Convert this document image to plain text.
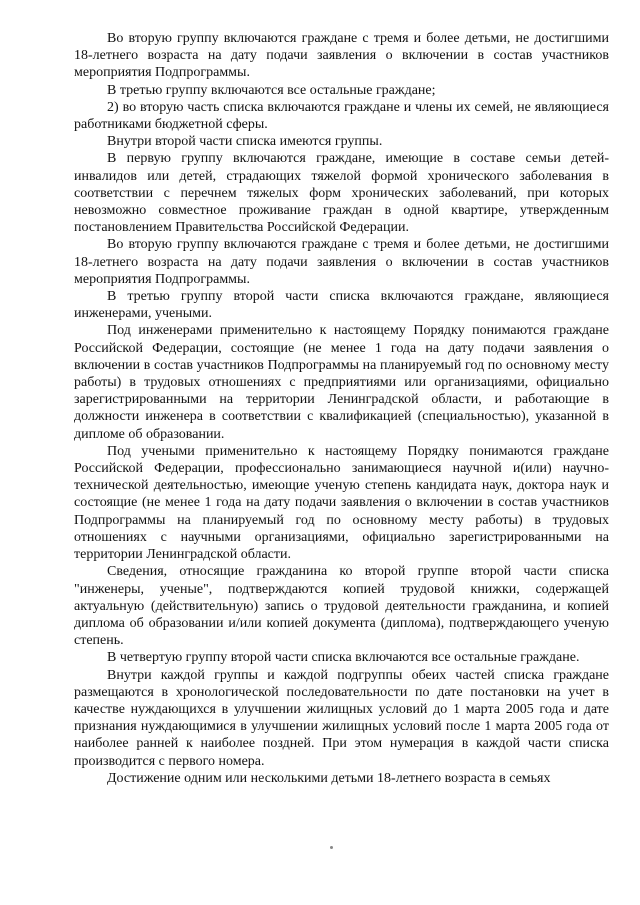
Во вторую группу включаются граждане с тремя и более детьми, не достигшими 18-летнего возраста на дату подачи заявления о включении в состав участников мероприятия Подпрограммы.

В третью группу включаются все остальные граждане;

2) во вторую часть списка включаются граждане и члены их семей, не являющиеся работниками бюджетной сферы.

Внутри второй части списка имеются группы.

В первую группу включаются граждане, имеющие в составе семьи детей-инвалидов или детей, страдающих тяжелой формой хронического заболевания в соответствии с перечнем тяжелых форм хронических заболеваний, при которых невозможно совместное проживание граждан в одной квартире, утвержденным постановлением Правительства Российской Федерации.

Во вторую группу включаются граждане с тремя и более детьми, не достигшими 18-летнего возраста на дату подачи заявления о включении в состав участников мероприятия Подпрограммы.

В третью группу второй части списка включаются граждане, являющиеся инженерами, учеными.

Под инженерами применительно к настоящему Порядку понимаются граждане Российской Федерации, состоящие (не менее 1 года на дату подачи заявления о включении в состав участников Подпрограммы на планируемый год по основному месту работы) в трудовых отношениях с предприятиями или организациями, официально зарегистрированными на территории Ленинградской области, и работающие в должности инженера в соответствии с квалификацией (специальностью), указанной в дипломе об образовании.

Под учеными применительно к настоящему Порядку понимаются граждане Российской Федерации, профессионально занимающиеся научной и(или) научно-технической деятельностью, имеющие ученую степень кандидата наук, доктора наук и состоящие (не менее 1 года на дату подачи заявления о включении в состав участников Подпрограммы на планируемый год по основному месту работы) в трудовых отношениях с научными организациями, официально зарегистрированными на территории Ленинградской области.

Сведения, относящие гражданина ко второй группе второй части списка "инженеры, ученые", подтверждаются копией трудовой книжки, содержащей актуальную (действительную) запись о трудовой деятельности гражданина, и копией диплома об образовании и/или копией документа (диплома), подтверждающего ученую степень.

В четвертую группу второй части списка включаются все остальные граждане.

Внутри каждой группы и каждой подгруппы обеих частей списка граждане размещаются в хронологической последовательности по дате постановки на учет в качестве нуждающихся в улучшении жилищных условий до 1 марта 2005 года и дате признания нуждающимися в улучшении жилищных условий после 1 марта 2005 года от наиболее ранней к наиболее поздней. При этом нумерация в каждой части списка производится с первого номера.

Достижение одним или несколькими детьми 18-летнего возраста в семьях
